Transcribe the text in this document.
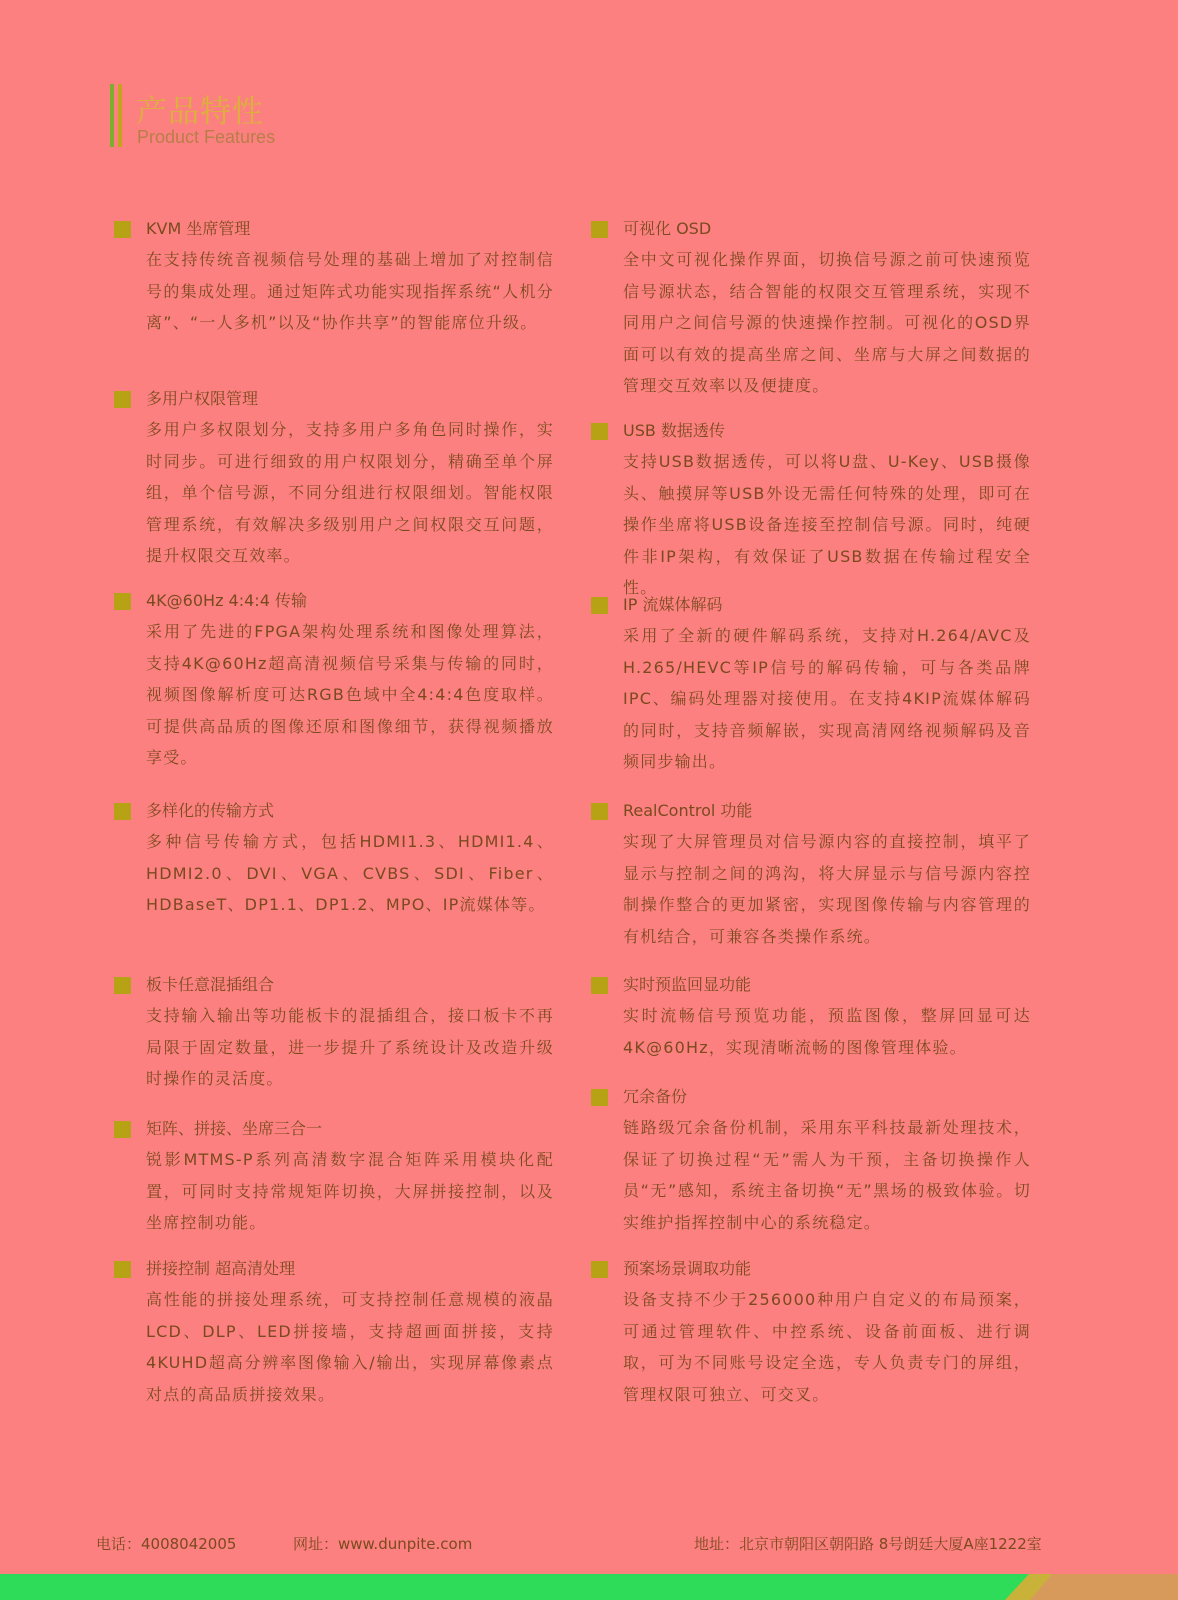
产品特性
Product Features
KVM 坐席管理

在支持传统音视频信号处理的基础上增加了对控制信号的集成处理。通过矩阵式功能实现指挥系统“人机分离”、“一人多机”以及“协作共享”的智能席位升级。

多用户权限管理

多用户多权限划分，支持多用户多角色同时操作，实时同步。可进行细致的用户权限划分，精确至单个屏组，单个信号源，不同分组进行权限细划。智能权限管理系统，有效解决多级别用户之间权限交互问题，提升权限交互效率。

4K@60Hz 4:4:4 传输

采用了先进的FPGA架构处理系统和图像处理算法，支持4K@60Hz超高清视频信号采集与传输的同时，视频图像解析度可达RGB色域中全4:4:4色度取样。可提供高品质的图像还原和图像细节，获得视频播放享受。

多样化的传输方式

多种信号传输方式，包括HDMI1.3、HDMI1.4、HDMI2.0、DVI、VGA、CVBS、SDI、Fiber、HDBaseT、DP1.1、DP1.2、MPO、IP流媒体等。

板卡任意混插组合

支持输入输出等功能板卡的混插组合，接口板卡不再局限于固定数量，进一步提升了系统设计及改造升级时操作的灵活度。

矩阵、拼接、坐席三合一

锐影MTMS-P系列高清数字混合矩阵采用模块化配置，可同时支持常规矩阵切换，大屏拼接控制，以及坐席控制功能。

拼接控制 超高清处理

高性能的拼接处理系统，可支持控制任意规模的液晶LCD、DLP、LED拼接墙，支持超画面拼接，支持4KUHD超高分辨率图像输入/输出，实现屏幕像素点对点的高品质拼接效果。

可视化 OSD

全中文可视化操作界面，切换信号源之前可快速预览信号源状态，结合智能的权限交互管理系统，实现不同用户之间信号源的快速操作控制。可视化的OSD界面可以有效的提高坐席之间、坐席与大屏之间数据的管理交互效率以及便捷度。

USB 数据透传

支持USB数据透传，可以将U盘、U-Key、USB摄像头、触摸屏等USB外设无需任何特殊的处理，即可在操作坐席将USB设备连接至控制信号源。同时，纯硬件非IP架构，有效保证了USB数据在传输过程安全性。

IP 流媒体解码

采用了全新的硬件解码系统，支持对H.264/AVC及H.265/HEVC等IP信号的解码传输，可与各类品牌IPC、编码处理器对接使用。在支持4KIP流媒体解码的同时，支持音频解嵌，实现高清网络视频解码及音频同步输出。

RealControl 功能

实现了大屏管理员对信号源内容的直接控制，填平了显示与控制之间的鸿沟，将大屏显示与信号源内容控制操作整合的更加紧密，实现图像传输与内容管理的有机结合，可兼容各类操作系统。

实时预监回显功能

实时流畅信号预览功能，预监图像，整屏回显可达4K@60Hz，实现清晰流畅的图像管理体验。

冗余备份

链路级冗余备份机制，采用东平科技最新处理技术，保证了切换过程“无”需人为干预，主备切换操作人员“无”感知，系统主备切换“无”黑场的极致体验。切实维护指挥控制中心的系统稳定。

预案场景调取功能

设备支持不少于256000种用户自定义的布局预案，可通过管理软件、中控系统、设备前面板、进行调取，可为不同账号设定全选，专人负责专门的屏组，管理权限可独立、可交叉。

电话：4008042005	网址：www.dunpite.com	地址：北京市朝阳区朝阳路 8号朗廷大厦A座1222室
